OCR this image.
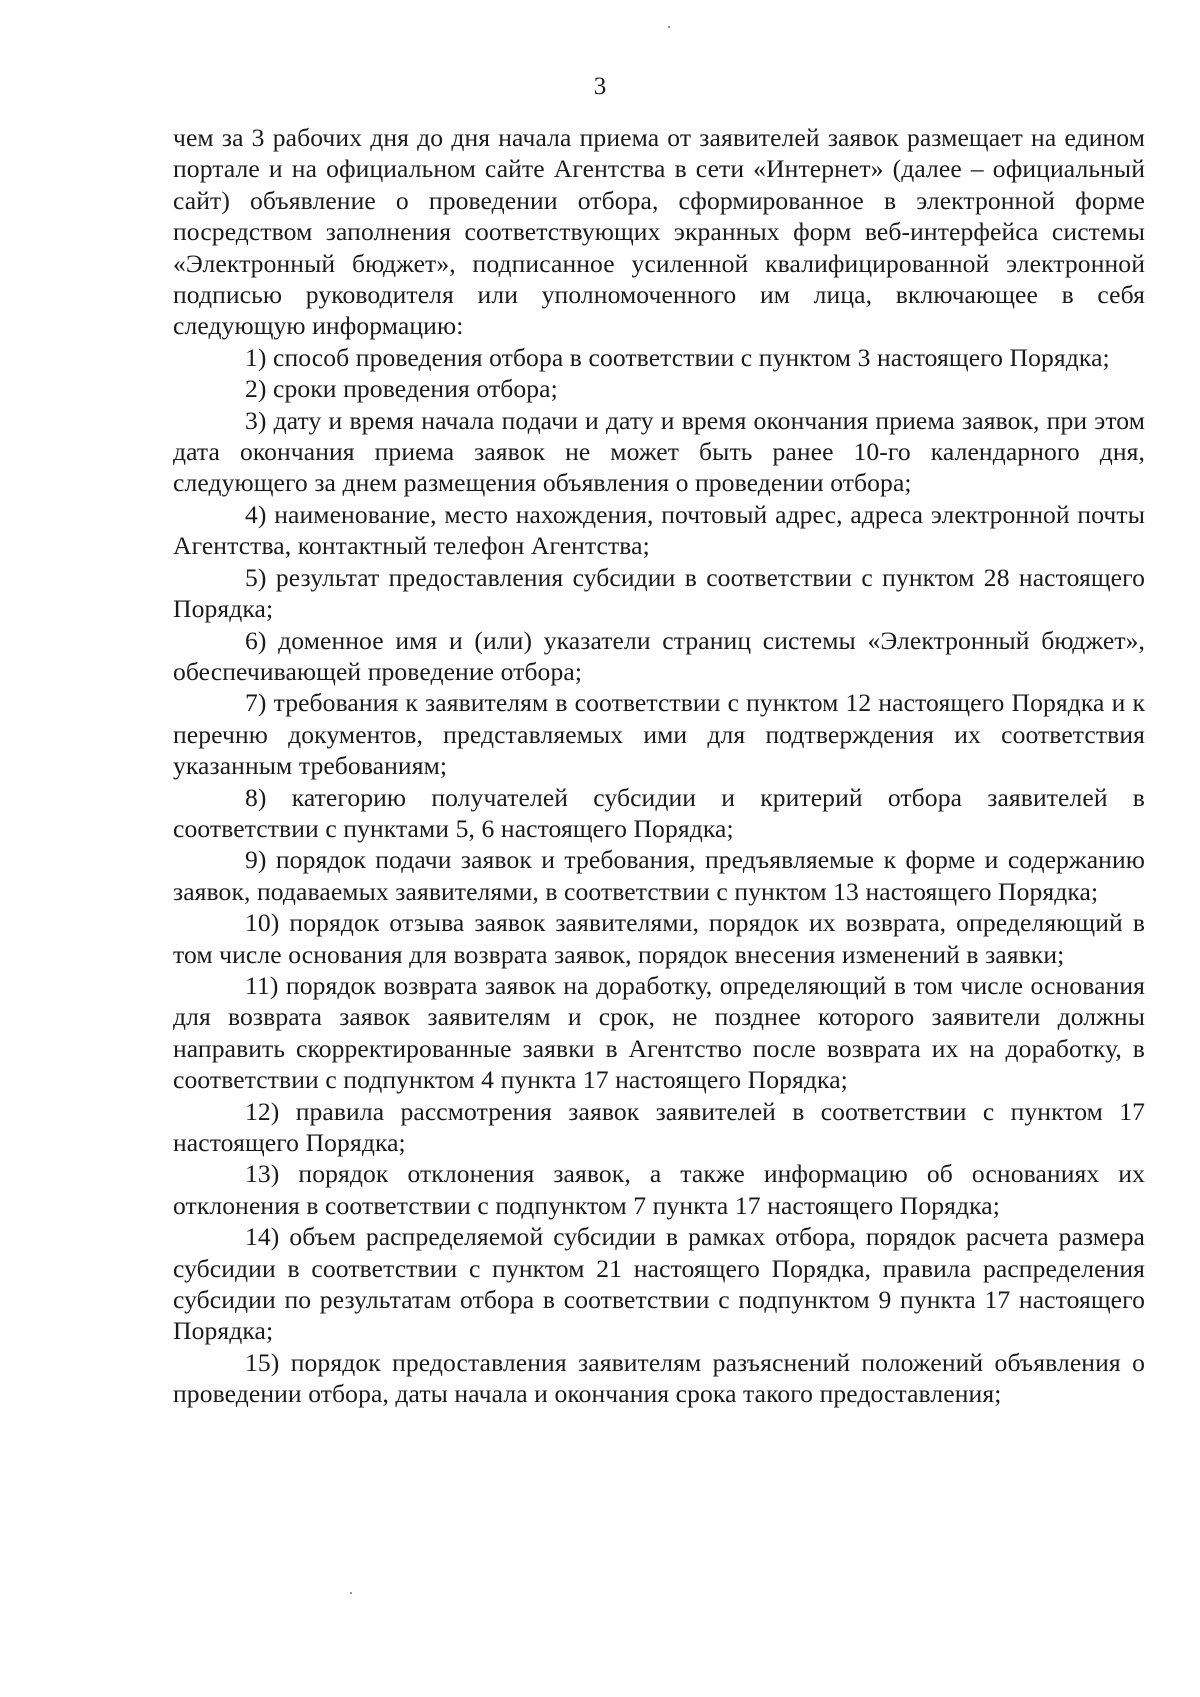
3

чем за 3 рабочих дня до дня начала приема от заявителей заявок размещает на едином портале и на официальном сайте Агентства в сети «Интернет» (далее – официальный сайт) объявление о проведении отбора, сформированное в электронной форме посредством заполнения соответствующих экранных форм веб-интерфейса системы «Электронный бюджет», подписанное усиленной квалифицированной электронной подписью руководителя или уполномоченного им лица, включающее в себя следующую информацию:

1) способ проведения отбора в соответствии с пунктом 3 настоящего Порядка;

2) сроки проведения отбора;

3) дату и время начала подачи и дату и время окончания приема заявок, при этом дата окончания приема заявок не может быть ранее 10-го календарного дня, следующего за днем размещения объявления о проведении отбора;

4) наименование, место нахождения, почтовый адрес, адреса электронной почты Агентства, контактный телефон Агентства;

5) результат предоставления субсидии в соответствии с пунктом 28 настоящего Порядка;

6) доменное имя и (или) указатели страниц системы «Электронный бюджет», обеспечивающей проведение отбора;

7) требования к заявителям в соответствии с пунктом 12 настоящего Порядка и к перечню документов, представляемых ими для подтверждения их соответствия указанным требованиям;

8) категорию получателей субсидии и критерий отбора заявителей в соответствии с пунктами 5, 6 настоящего Порядка;

9) порядок подачи заявок и требования, предъявляемые к форме и содержанию заявок, подаваемых заявителями, в соответствии с пунктом 13 настоящего Порядка;

10) порядок отзыва заявок заявителями, порядок их возврата, определяющий в том числе основания для возврата заявок, порядок внесения изменений в заявки;

11) порядок возврата заявок на доработку, определяющий в том числе основания для возврата заявок заявителям и срок, не позднее которого заявители должны направить скорректированные заявки в Агентство после возврата их на доработку, в соответствии с подпунктом 4 пункта 17 настоящего Порядка;

12) правила рассмотрения заявок заявителей в соответствии с пунктом 17 настоящего Порядка;

13) порядок отклонения заявок, а также информацию об основаниях их отклонения в соответствии с подпунктом 7 пункта 17 настоящего Порядка;

14) объем распределяемой субсидии в рамках отбора, порядок расчета размера субсидии в соответствии с пунктом 21 настоящего Порядка, правила распределения субсидии по результатам отбора в соответствии с подпунктом 9 пункта 17 настоящего Порядка;

15) порядок предоставления заявителям разъяснений положений объявления о проведении отбора, даты начала и окончания срока такого предоставления;
